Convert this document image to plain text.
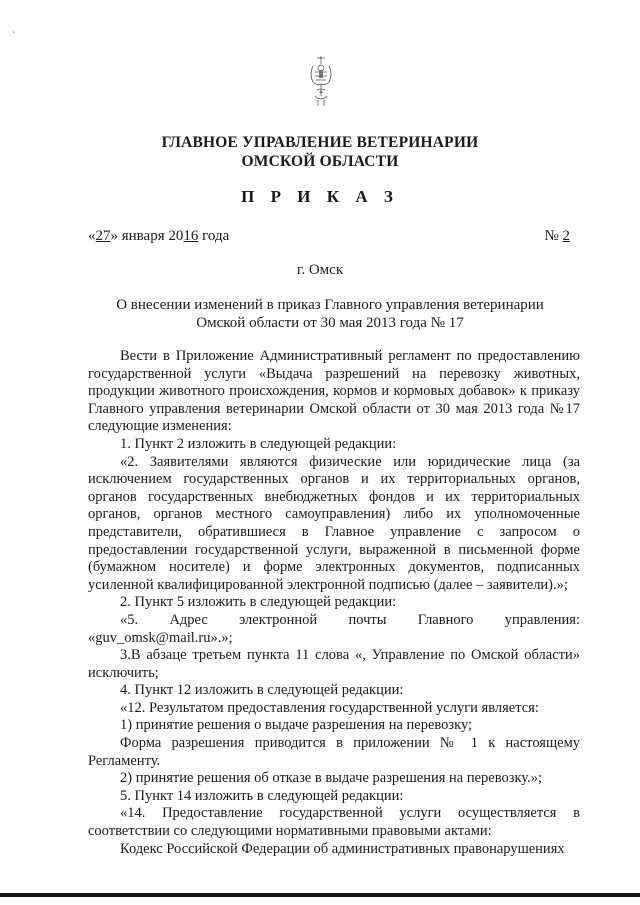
`
ГЛАВНОЕ УПРАВЛЕНИЕ ВЕТЕРИНАРИИ
ОМСКОЙ ОБЛАСТИ
П Р И К А З
«27» января 2016 года	№ 2
г. Омск
О внесении изменений в приказ Главного управления ветеринарии
Омской области от 30 мая 2013 года № 17

Вести в Приложение Административный регламент по предоставлению государственной услуги «Выдача разрешений на перевозку животных, продукции животного происхождения, кормов и кормовых добавок» к приказу Главного управления ветеринарии Омской области от 30 мая 2013 года №17 следующие изменения:

1. Пункт 2 изложить в следующей редакции:

«2. Заявителями являются физические или юридические лица (за исключением государственных органов и их территориальных органов, органов государственных внебюджетных фондов и их территориальных органов, органов местного самоуправления) либо их уполномоченные представители, обратившиеся в Главное управление с запросом о предоставлении государственной услуги, выраженной в письменной форме (бумажном носителе) и форме электронных документов, подписанных усиленной квалифицированной электронной подписью (далее – заявители).»;

2. Пункт 5 изложить в следующей редакции:

«5. Адрес электронной почты Главного управления: «guv_omsk@mail.ru».»;

3.В абзаце третьем пункта 11 слова «, Управление по Омской области» исключить;

4. Пункт 12 изложить в следующей редакции:

«12. Результатом предоставления государственной услуги является:

1) принятие решения о выдаче разрешения на перевозку;

Форма разрешения приводится в приложении № 1 к настоящему Регламенту.

2) принятие решения об отказе в выдаче разрешения на перевозку.»;

5. Пункт 14 изложить в следующей редакции:

«14. Предоставление государственной услуги осуществляется в соответствии со следующими нормативными правовыми актами:

Кодекс Российской Федерации об административных правонарушениях
